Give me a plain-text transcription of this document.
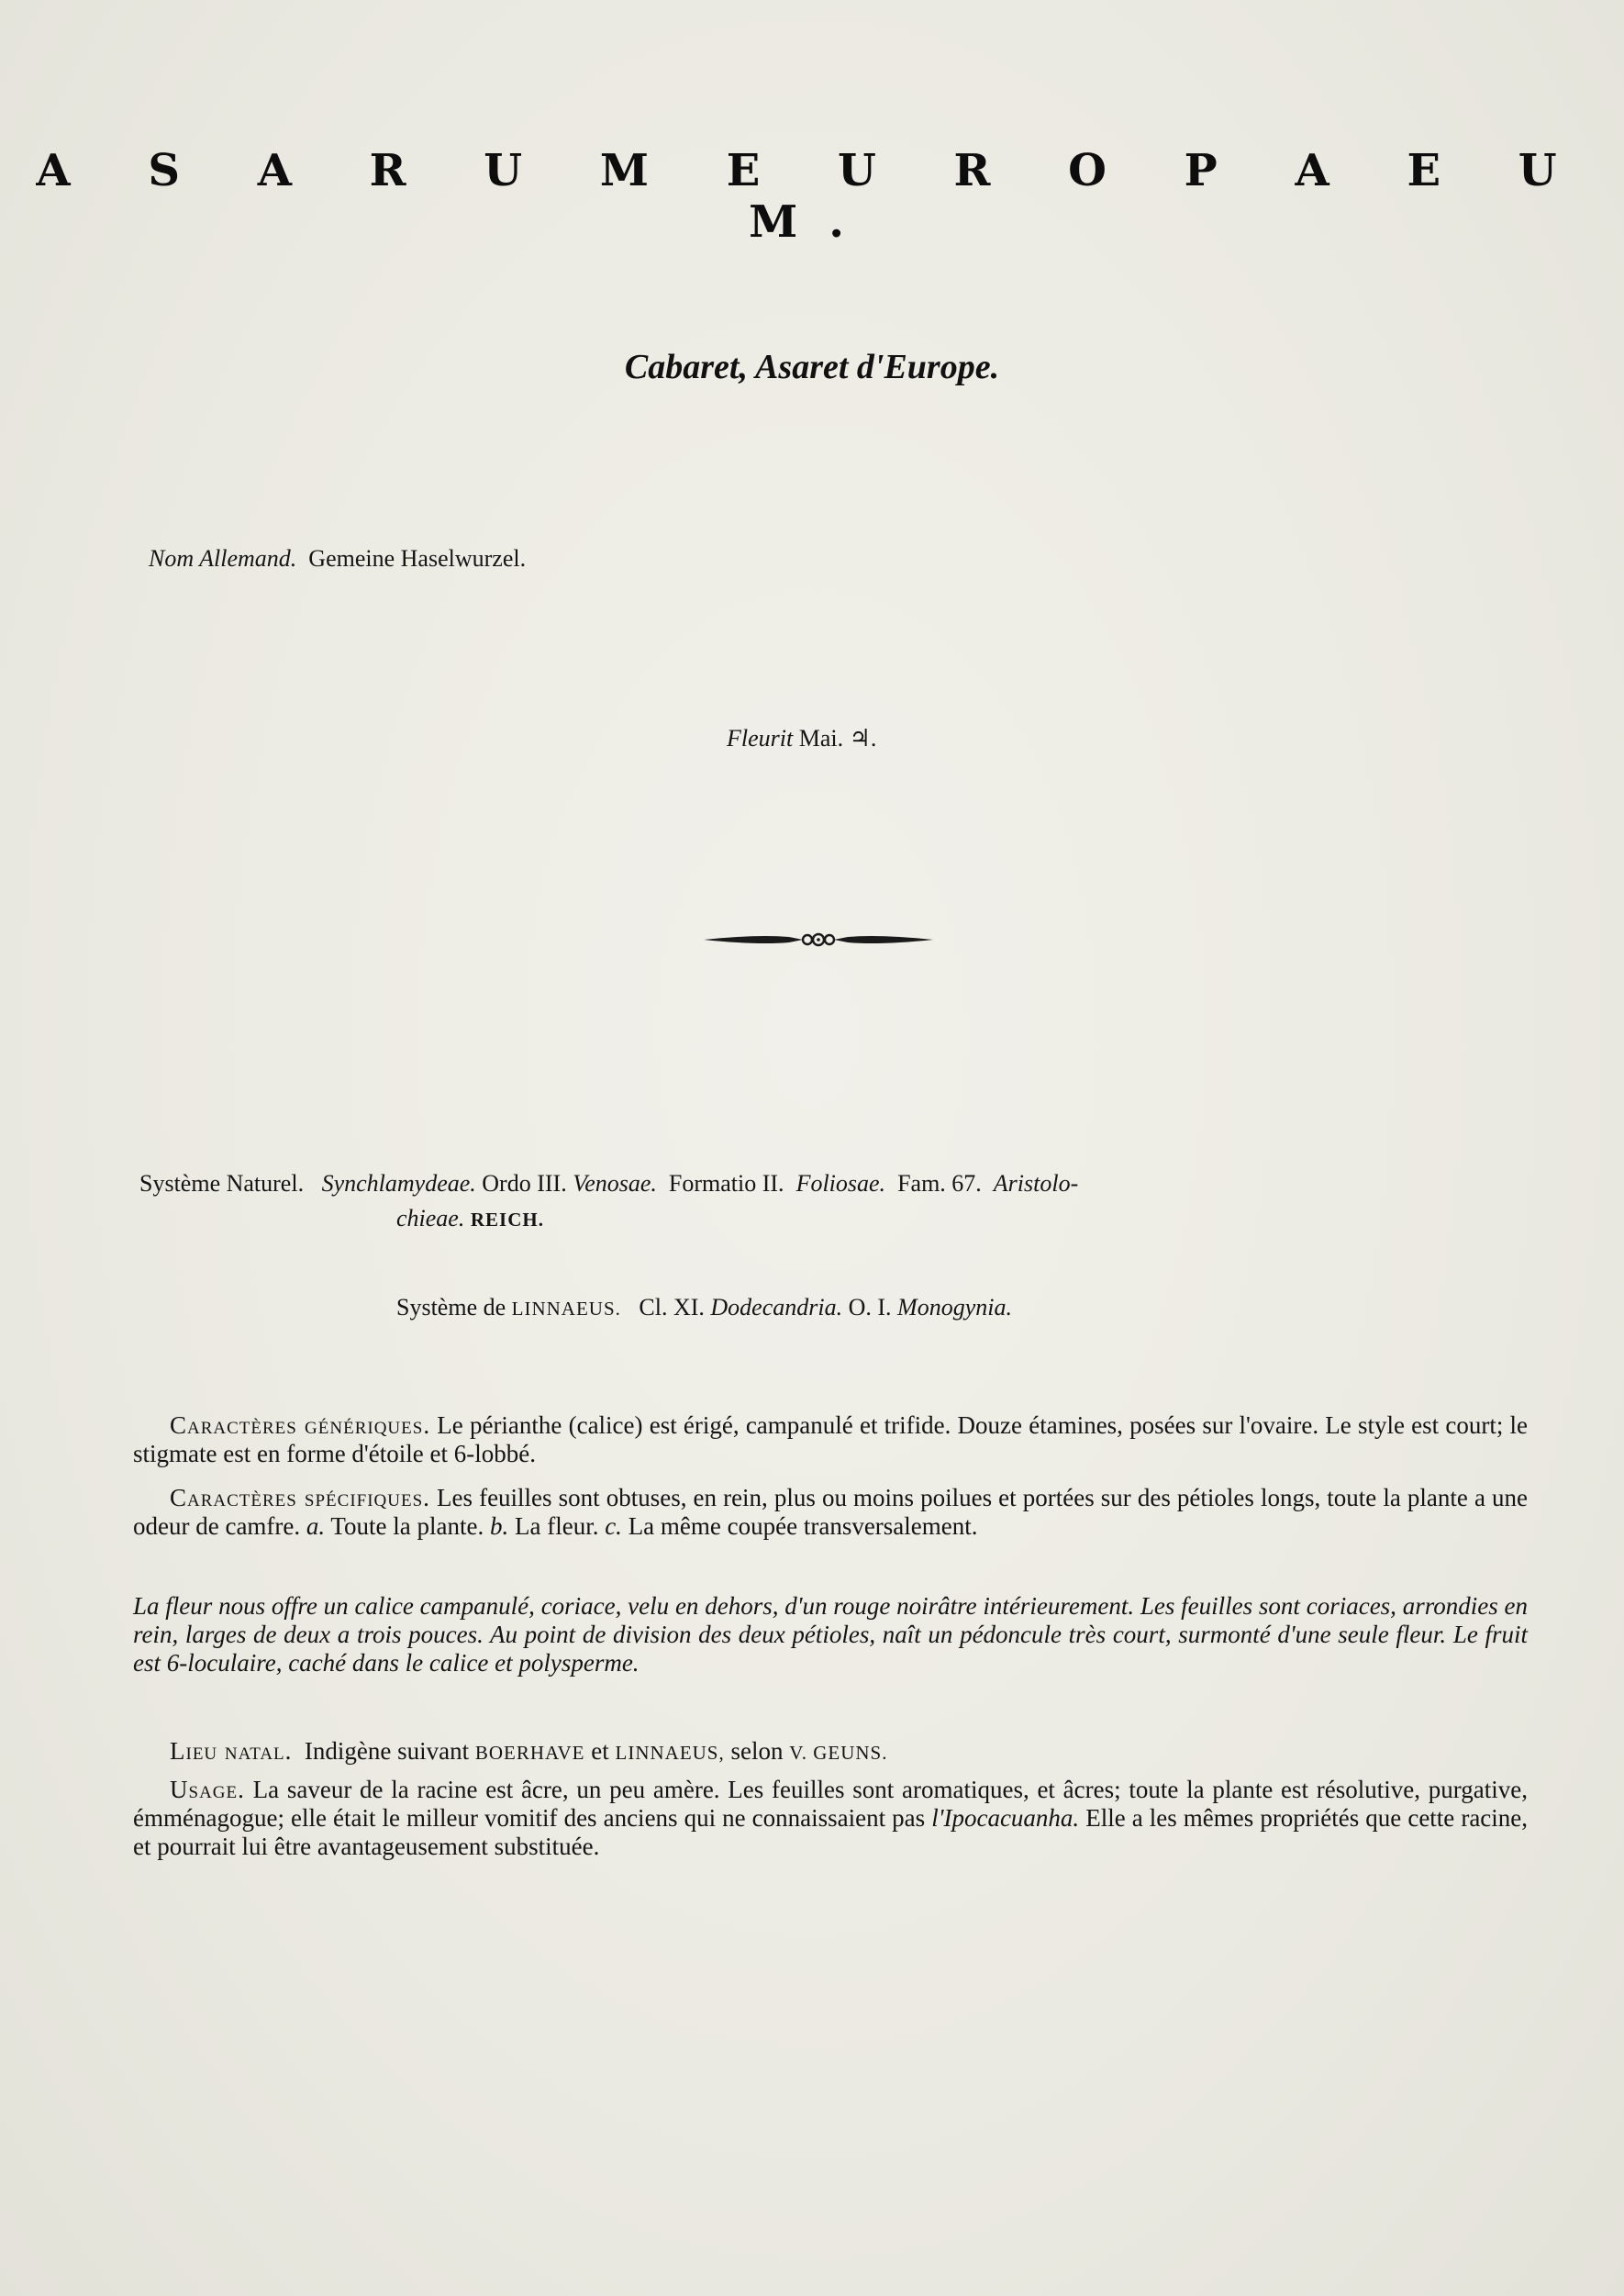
A S A R U M E U R O P A E U M.
Cabaret, Asaret d'Europe.
Nom Allemand. Gemeine Haselwurzel.
Fleurit Mai. ♃.
Système Naturel. Synchlamydeae. Ordo III. Venosae. Formatio II. Foliosae. Fam. 67. Aristolo-
chieae. REICH.
Système de LINNAEUS. Cl. XI. Dodecandria. O. I. Monogynia.
Caractères génériques. Le périanthe (calice) est érigé, campanulé et trifide. Douze étamines, posées sur l'ovaire. Le style est court; le stigmate est en forme d'étoile et 6-lobbé.
Caractères spécifiques. Les feuilles sont obtuses, en rein, plus ou moins poilues et portées sur des pétioles longs, toute la plante a une odeur de camfre. a. Toute la plante. b. La fleur. c. La même coupée transversalement.
La fleur nous offre un calice campanulé, coriace, velu en dehors, d'un rouge noirâtre intérieurement. Les feuilles sont coriaces, arrondies en rein, larges de deux a trois pouces. Au point de division des deux pétioles, naît un pédoncule très court, surmonté d'une seule fleur. Le fruit est 6-loculaire, caché dans le calice et polysperme.
Lieu natal. Indigène suivant BOERHAVE et LINNAEUS, selon V. GEUNS.
Usage. La saveur de la racine est âcre, un peu amère. Les feuilles sont aromatiques, et âcres; toute la plante est résolutive, purgative, émménagogue; elle était le milleur vomitif des anciens qui ne connaissaient pas l'Ipocacuanha. Elle a les mêmes propriétés que cette racine, et pourrait lui être avantageusement substituée.
